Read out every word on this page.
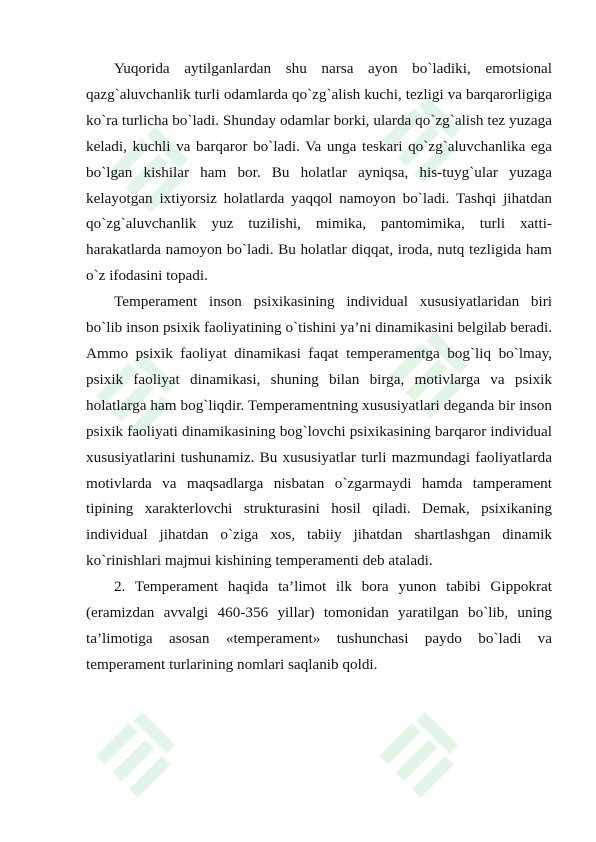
Yuqorida aytilganlardan shu narsa ayon bo`ladiki, emotsional qazg`aluvchanlik turli odamlarda qo`zg`alish kuchi, tezligi va barqarorligiga ko`ra turlicha bo`ladi. Shunday odamlar borki, ularda qo`zg`alish tez yuzaga keladi, kuchli va barqaror bo`ladi. Va unga teskari qo`zg`aluvchanlika ega bo`lgan kishilar ham bor. Bu holatlar ayniqsa, his-tuyg`ular yuzaga kelayotgan ixtiyorsiz holatlarda yaqqol namoyon bo`ladi. Tashqi jihatdan qo`zg`aluvchanlik yuz tuzilishi, mimika, pantomimika, turli xatti-harakatlarda namoyon bo`ladi. Bu holatlar diqqat, iroda, nutq tezligida ham o`z ifodasini topadi.

Temperament inson psixikasining individual xususiyatlaridan biri bo`lib inson psixik faoliyatining o`tishini ya’ni dinamikasini belgilab beradi. Ammo psixik faoliyat dinamikasi faqat temperamentga bog`liq bo`lmay, psixik faoliyat dinamikasi, shuning bilan birga, motivlarga va psixik holatlarga ham bog`liqdir. Temperamentning xususiyatlari deganda bir inson psixik faoliyati dinamikasining bog`lovchi psixikasining barqaror individual xususiyatlarini tushunamiz. Bu xususiyatlar turli mazmundagi faoliyatlarda motivlarda va maqsadlarga nisbatan o`zgarmaydi hamda tamperament tipining xarakterlovchi strukturasini hosil qiladi. Demak, psixikaning individual jihatdan o`ziga xos, tabiiy jihatdan shartlashgan dinamik ko`rinishlari majmui kishining temperamenti deb ataladi.

2. Temperament haqida ta’limot ilk bora yunon tabibi Gippokrat (eramizdan avvalgi 460-356 yillar) tomonidan yaratilgan bo`lib, uning ta’limotiga asosan «temperament» tushunchasi paydo bo`ladi va temperament turlarining nomlari saqlanib qoldi.
